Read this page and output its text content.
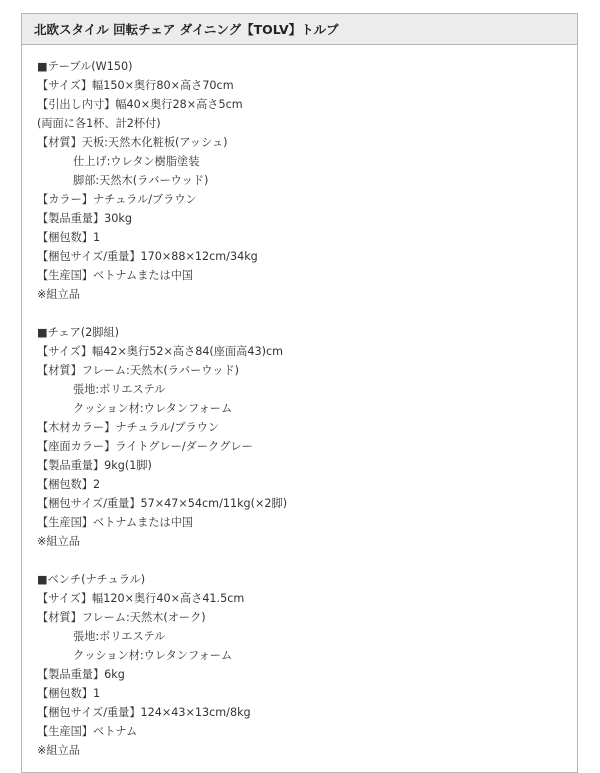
北欧スタイル 回転チェア ダイニング【TOLV】トルブ
■テーブル(W150)
【サイズ】幅150×奥行80×高さ70cm
【引出し内寸】幅40×奥行28×高さ5cm
(両面に各1杯、計2杯付)
【材質】天板:天然木化粧板(アッシュ)
仕上げ:ウレタン樹脂塗装
脚部:天然木(ラバーウッド)
【カラー】ナチュラル/ブラウン
【製品重量】30kg
【梱包数】1
【梱包サイズ/重量】170×88×12cm/34kg
【生産国】ベトナムまたは中国
※組立品
■チェア(2脚組)
【サイズ】幅42×奥行52×高さ84(座面高43)cm
【材質】フレーム:天然木(ラバーウッド)
張地:ポリエステル
クッション材:ウレタンフォーム
【木材カラー】ナチュラル/ブラウン
【座面カラー】ライトグレー/ダークグレー
【製品重量】9kg(1脚)
【梱包数】2
【梱包サイズ/重量】57×47×54cm/11kg(×2脚)
【生産国】ベトナムまたは中国
※組立品
■ベンチ(ナチュラル)
【サイズ】幅120×奥行40×高さ41.5cm
【材質】フレーム:天然木(オーク)
張地:ポリエステル
クッション材:ウレタンフォーム
【製品重量】6kg
【梱包数】1
【梱包サイズ/重量】124×43×13cm/8kg
【生産国】ベトナム
※組立品
